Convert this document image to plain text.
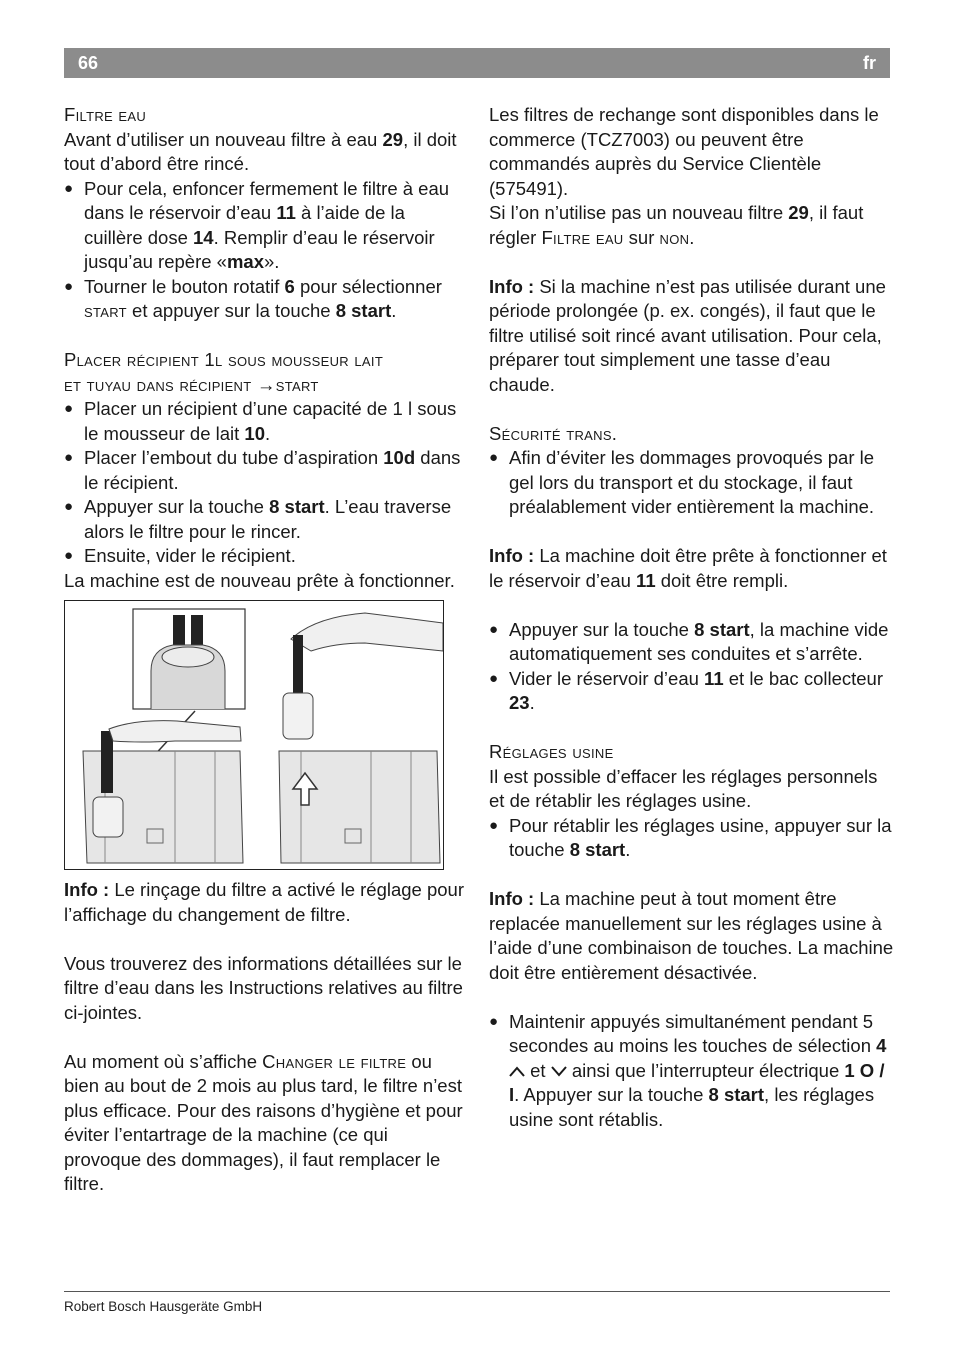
66	fr

Filtre eau

Avant d’utiliser un nouveau filtre à eau 29, il doit tout d’abord être rincé.

● Pour cela, enfoncer fermement le filtre à eau dans le réservoir d’eau 11 à l’aide de la cuillère dose 14. Remplir d’eau le réservoir jusqu’au repère «max».

● Tourner le bouton rotatif 6 pour sélectionner start et appuyer sur la touche 8 start.

Placer récipient 1l sous mousseur lait

et tuyau dans récipient →start

● Placer un récipient d’une capacité de 1 l sous le mousseur de lait 10.

● Placer l’embout du tube d’aspiration 10d dans le récipient.

● Appuyer sur la touche 8 start. L’eau traverse alors le filtre pour le rincer.

● Ensuite, vider le récipient.

La machine est de nouveau prête à fonctionner.

Info : Le rinçage du filtre a activé le réglage pour l’affichage du changement de filtre.

Vous trouverez des informations détaillées sur le filtre d’eau dans les Instructions relatives au filtre ci-jointes.

Au moment où s’affiche Changer le filtre ou bien au bout de 2 mois au plus tard, le filtre n’est plus efficace. Pour des raisons d’hygiène et pour éviter l’entartrage de la machine (ce qui provoque des dommages), il faut remplacer le filtre.

Les filtres de rechange sont disponibles dans le commerce (TCZ7003) ou peuvent être commandés auprès du Service Clientèle (575491).

Si l’on n’utilise pas un nouveau filtre 29, il faut régler Filtre eau sur non.

Info : Si la machine n’est pas utilisée durant une période prolongée (p. ex. congés), il faut que le filtre utilisé soit rincé avant utilisation. Pour cela, préparer tout simplement une tasse d’eau chaude.

Sécurité trans.

● Afin d’éviter les dommages provoqués par le gel lors du transport et du stockage, il faut préalablement vider entièrement la machine.

Info : La machine doit être prête à fonctionner et le réservoir d’eau 11 doit être rempli.

● Appuyer sur la touche 8 start, la machine vide automatiquement ses conduites et s’arrête.

● Vider le réservoir d’eau 11 et le bac collecteur 23.

Réglages usine

Il est possible d’effacer les réglages personnels et de rétablir les réglages usine.

● Pour rétablir les réglages usine, appuyer sur la touche 8 start.

Info : La machine peut à tout moment être replacée manuellement sur les réglages usine à l’aide d’une combinaison de touches. La machine doit être entièrement désactivée.

● Maintenir appuyés simultanément pendant 5 secondes au moins les touches de sélection 4  et  ainsi que l’interrupteur électrique 1 O / I. Appuyer sur la touche 8 start, les réglages usine sont rétablis.

Robert Bosch Hausgeräte GmbH
